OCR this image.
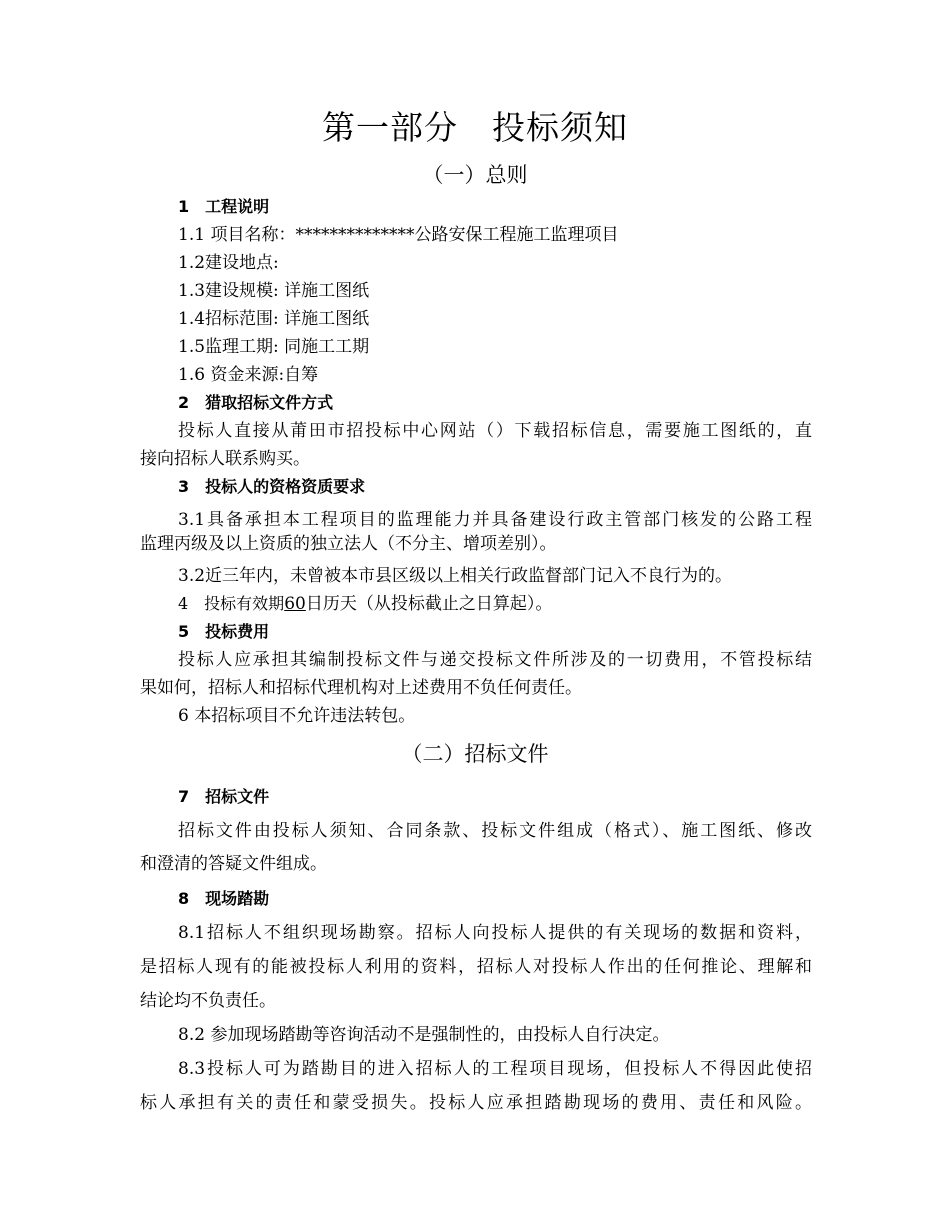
第一部分　投标须知
（一）总则
1　工程说明
1.1 项目名称：**************公路安保工程施工监理项目
1.2建设地点:
1.3建设规模: 详施工图纸
1.4招标范围: 详施工图纸
1.5监理工期: 同施工工期
1.6 资金来源:自筹
2　猎取招标文件方式
投标人直接从莆田市招投标中心网站（）下载招标信息，需要施工图纸的，直
接向招标人联系购买。
3　投标人的资格资质要求
3.1具备承担本工程项目的监理能力并具备建设行政主管部门核发的公路工程
监理丙级及以上资质的独立法人（不分主、增项差别）。
3.2近三年内，未曾被本市县区级以上相关行政监督部门记入不良行为的。
4　投标有效期60日历天（从投标截止之日算起）。
5　投标费用
投标人应承担其编制投标文件与递交投标文件所涉及的一切费用，不管投标结
果如何，招标人和招标代理机构对上述费用不负任何责任。
6 本招标项目不允许违法转包。
（二）招标文件
7　招标文件
招标文件由投标人须知、合同条款、投标文件组成（格式）、施工图纸、修改
和澄清的答疑文件组成。
8　现场踏勘
8.1招标人不组织现场勘察。招标人向投标人提供的有关现场的数据和资料，
是招标人现有的能被投标人利用的资料，招标人对投标人作出的任何推论、理解和
结论均不负责任。
8.2 参加现场踏勘等咨询活动不是强制性的，由投标人自行决定。
8.3投标人可为踏勘目的进入招标人的工程项目现场，但投标人不得因此使招
标人承担有关的责任和蒙受损失。投标人应承担踏勘现场的费用、责任和风险。
